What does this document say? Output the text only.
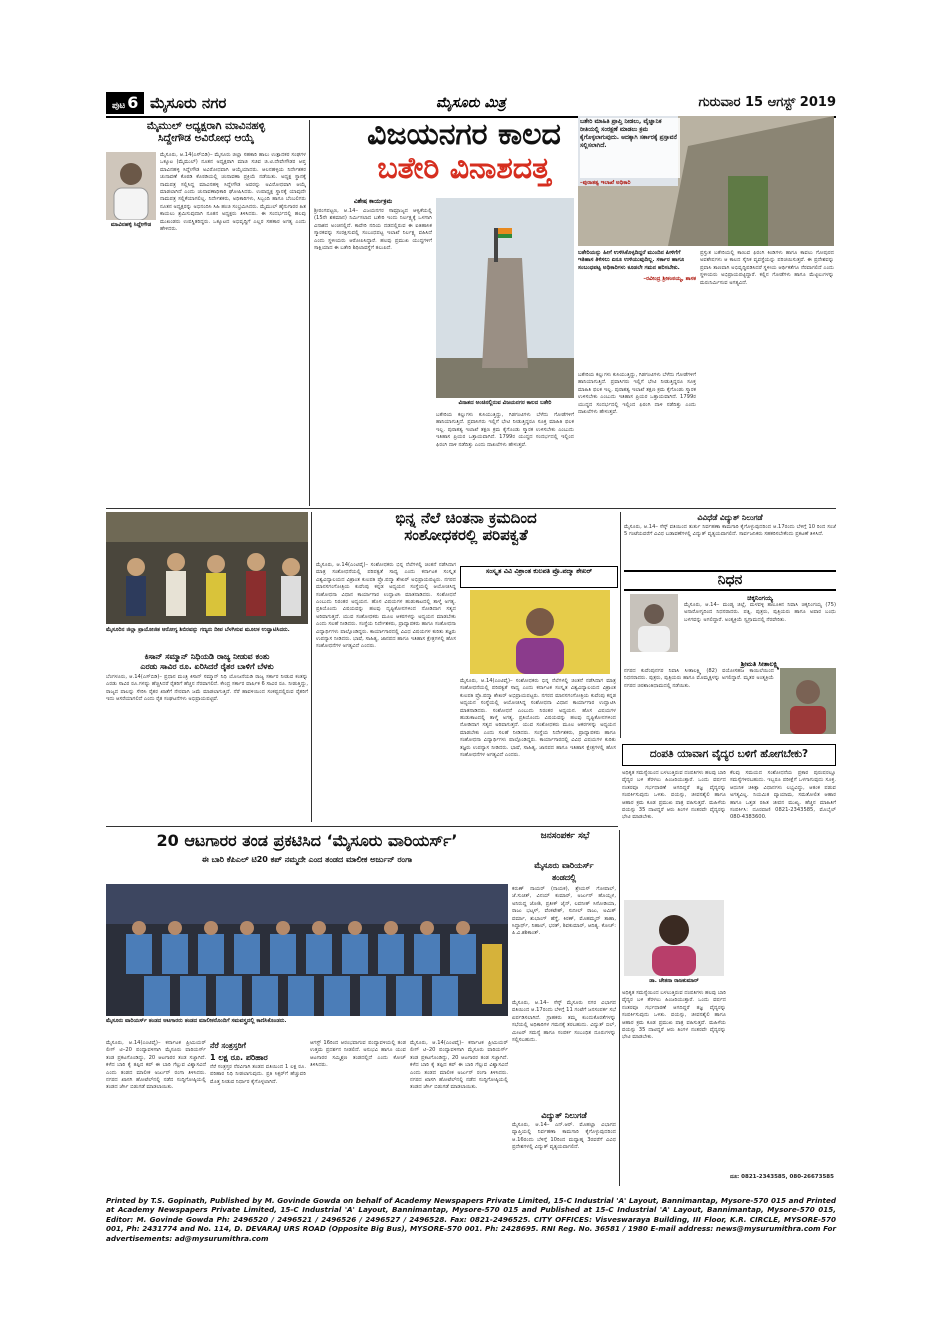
ಪುಟ 6 ಮೈಸೂರು ನಗರ	ಮೈಸೂರು ಮಿತ್ರ	ಗುರುವಾರ 15 ಆಗಸ್ಟ್ 2019
ಮೈಮುಲ್ ಅಧ್ಯಕ್ಷರಾಗಿ ಮಾವಿನಹಳ್ಳಿ
ಸಿದ್ದೇಗೌಡ ಅವಿರೋಧ ಆಯ್ಕೆ
ಮಾವಿನಹಳ್ಳಿ ಸಿದ್ದೇಗೌಡ
ಮೈಸೂರು, ಆ.14(ಎಸ್‌ಬಿಡಿ)– ಮೈಸೂರು ಜಿಲ್ಲಾ ಸಹಕಾರಿ ಹಾಲು ಉತ್ಪಾದಕರ ಸಂಘಗಳ ಒಕ್ಕೂಟ (ಮೈಮುಲ್) ನೂತನ ಅಧ್ಯಕ್ಷರಾಗಿ ಮಾಜಿ ಸಚಿವ ಜಿ.ಟಿ.ದೇವೇಗೌಡರ ಆಪ್ತ ಮಾವಿನಹಳ್ಳಿ ಸಿದ್ದೇಗೌಡ ಅವಿರೋಧವಾಗಿ ಆಯ್ಕೆಯಾದರು. ಆಲನಹಳ್ಳಿಯ ನಿರ್ದೇಶಕರ ಚುನಾವಣೆ ಕೊಠಡಿ ಕೊಠಡಿಯಲ್ಲಿ ಚುನಾವಣಾ ಪ್ರಕ್ರಿಯೆ ನಡೆಯಿತು. ಅಧ್ಯಕ್ಷ ಸ್ಥಾನಕ್ಕೆ ನಾಮಪತ್ರ ಸಲ್ಲಿಸಿದ್ದ ಮಾವಿನಹಳ್ಳಿ ಸಿದ್ದೇಗೌಡ ಅವರನ್ನು ಅವಿರೋಧವಾಗಿ ಆಯ್ಕೆ ಮಾಡಲಾಗಿದೆ ಎಂದು ಚುನಾವಣಾಧಿಕಾರಿ ಘೋಷಿಸಿದರು. ಉಪಾಧ್ಯಕ್ಷ ಸ್ಥಾನಕ್ಕೆ ಯಾವುದೇ ನಾಮಪತ್ರ ಸಲ್ಲಿಕೆಯಾಗಲಿಲ್ಲ. ನಿರ್ದೇಶಕರು, ಅಧಿಕಾರಿಗಳು, ಸಿಬ್ಬಂದಿ ಹಾಗೂ ಬೆಂಬಲಿಗರು ನೂತನ ಅಧ್ಯಕ್ಷರನ್ನು ಅಭಿನಂದಿಸಿ ಸಿಹಿ ಹಂಚಿ ಸಂಭ್ರಮಿಸಿದರು. ಮೈಮುಲ್ ಹೈನುಗಾರರ ಹಿತ ಕಾಯಲು ಶ್ರಮಿಸುವುದಾಗಿ ನೂತನ ಅಧ್ಯಕ್ಷರು ತಿಳಿಸಿದರು. ಈ ಸಂದರ್ಭದಲ್ಲಿ ಹಲವು ಮುಖಂಡರು ಉಪಸ್ಥಿತರಿದ್ದರು. ಒಕ್ಕೂಟದ ಅಭಿವೃದ್ಧಿಗೆ ಎಲ್ಲರ ಸಹಕಾರ ಅಗತ್ಯ ಎಂದು ಹೇಳಿದರು.
ವಿಜಯನಗರ ಕಾಲದ
ಬತೇರಿ ವಿನಾಶದತ್ತ
ವಿಶೇಷ ಕಾರ್ಯಕ್ರಮ
ಶ್ರೀರಂಗಪಟ್ಟಣ, ಆ.14– ವಿಜಯನಗರ ಸಾಮ್ರಾಜ್ಯದ ಆಳ್ವಿಕೆಯಲ್ಲಿ (15ನೇ ಶತಮಾನ) ನಿರ್ಮಿಸಲಾದ ಬತೇರಿ ಇಂದು ನಿರ್ಲಕ್ಷ್ಯಕ್ಕೆ ಒಳಗಾಗಿ ವಿನಾಶದ ಅಂಚಿನಲ್ಲಿದೆ. ಕಾವೇರಿ ನದಿಯ ದಡದಲ್ಲಿರುವ ಈ ಐತಿಹಾಸಿಕ ಸ್ಮಾರಕವನ್ನು ಸಂರಕ್ಷಿಸುವಲ್ಲಿ ಸಂಬಂಧಪಟ್ಟ ಇಲಾಖೆ ನಿರ್ಲಕ್ಷ್ಯ ವಹಿಸಿದೆ ಎಂದು ಸ್ಥಳೀಯರು ಆರೋಪಿಸಿದ್ದಾರೆ. ಹಲವು ಪ್ರಮುಖ ಯುದ್ಧಗಳಿಗೆ ಸಾಕ್ಷಿಯಾದ ಈ ಬತೇರಿ ಶಿಥಿಲಾವಸ್ಥೆಗೆ ತಲುಪಿದೆ.
ವಿನಾಶದ ಅಂಚಿನಲ್ಲಿರುವ ವಿಜಯನಗರ ಕಾಲದ ಬತೇರಿ
ಬತೇರಿಯ ಕಲ್ಲುಗಳು ಕುಸಿಯುತ್ತಿದ್ದು, ಗಿಡಗಂಟಿಗಳು ಬೆಳೆದು ಗೋಡೆಗಳಿಗೆ ಹಾನಿಯಾಗುತ್ತಿದೆ. ಪ್ರವಾಸಿಗರು ಇಲ್ಲಿಗೆ ಭೇಟಿ ನೀಡುತ್ತಿದ್ದರೂ ಸೂಕ್ತ ಮಾಹಿತಿ ಫಲಕ ಇಲ್ಲ. ಪುರಾತತ್ವ ಇಲಾಖೆ ತಕ್ಷಣ ಕ್ರಮ ಕೈಗೊಂಡು ಸ್ಮಾರಕ ಉಳಿಸಬೇಕು ಎಂಬುದು ಇತಿಹಾಸ ಪ್ರಿಯರ ಒತ್ತಾಯವಾಗಿದೆ. 1799ರ ಯುದ್ಧದ ಸಂದರ್ಭದಲ್ಲಿ ಇಲ್ಲಿಂದ ಫಿರಂಗಿ ದಾಳಿ ನಡೆದಿತ್ತು ಎಂದು ದಾಖಲೆಗಳು ಹೇಳುತ್ತವೆ.
ಬತೇರಿ ಮಾಹಿತಿ ಪ್ರಾಪ್ತಿ ನೀಡಲು, ವೈಜ್ಞಾನಿಕ ರೀತಿಯಲ್ಲಿ ಸಂರಕ್ಷಣೆ ಮಾಡಲು ಕ್ರಮ ಕೈಗೊಳ್ಳಲಾಗುವುದು. ಅದಕ್ಕಾಗಿ ಸರ್ಕಾರಕ್ಕೆ ಪ್ರಸ್ತಾವನೆ ಸಲ್ಲಿಸಲಾಗಿದೆ.
–ಪುರಾತತ್ವ ಇಲಾಖೆ ಅಧಿಕಾರಿ
ಬತೇರಿಯನ್ನು ಹೀಗೆ ಉಳಿಸಿಕೊಳ್ಳದಿದ್ದರೆ ಮುಂದಿನ ಪೀಳಿಗೆಗೆ ಇತಿಹಾಸ ತಿಳಿಸಲು ಏನೂ ಉಳಿಯುವುದಿಲ್ಲ. ಸರ್ಕಾರ ಹಾಗೂ ಸಂಬಂಧಪಟ್ಟ ಅಧಿಕಾರಿಗಳು ಕೂಡಲೇ ಗಮನ ಹರಿಸಬೇಕು.
–ರವೀಂದ್ರ ಶ್ರೀಕಂಠಯ್ಯ, ಶಾಸಕ
ಪ್ರಸ್ತುತ ಬತೇರಿಯಲ್ಲಿ ಕಾಣುವ ಫಿರಂಗಿ ಕಿಂಡಿಗಳು ಹಾಗೂ ಕಾವಲು ಗೋಪುರದ ಅವಶೇಷಗಳು ಆ ಕಾಲದ ಸೈನಿಕ ವ್ಯವಸ್ಥೆಯನ್ನು ಪರಿಚಯಿಸುತ್ತವೆ. ಈ ಪ್ರದೇಶವನ್ನು ಪ್ರವಾಸಿ ತಾಣವಾಗಿ ಅಭಿವೃದ್ಧಿಪಡಿಸಿದರೆ ಸ್ಥಳೀಯ ಆರ್ಥಿಕತೆಗೂ ನೆರವಾಗಲಿದೆ ಎಂದು ಸ್ಥಳೀಯರು ಅಭಿಪ್ರಾಯಪಟ್ಟಿದ್ದಾರೆ. ಕಲ್ಲಿನ ಗೋಡೆಗಳು ಹಾಗೂ ಮೆಟ್ಟಿಲುಗಳನ್ನು ಮರುನಿರ್ಮಿಸುವ ಅಗತ್ಯವಿದೆ.
ಬತೇರಿಯ ಕಲ್ಲುಗಳು ಕುಸಿಯುತ್ತಿದ್ದು, ಗಿಡಗಂಟಿಗಳು ಬೆಳೆದು ಗೋಡೆಗಳಿಗೆ ಹಾನಿಯಾಗುತ್ತಿದೆ. ಪ್ರವಾಸಿಗರು ಇಲ್ಲಿಗೆ ಭೇಟಿ ನೀಡುತ್ತಿದ್ದರೂ ಸೂಕ್ತ ಮಾಹಿತಿ ಫಲಕ ಇಲ್ಲ. ಪುರಾತತ್ವ ಇಲಾಖೆ ತಕ್ಷಣ ಕ್ರಮ ಕೈಗೊಂಡು ಸ್ಮಾರಕ ಉಳಿಸಬೇಕು ಎಂಬುದು ಇತಿಹಾಸ ಪ್ರಿಯರ ಒತ್ತಾಯವಾಗಿದೆ. 1799ರ ಯುದ್ಧದ ಸಂದರ್ಭದಲ್ಲಿ ಇಲ್ಲಿಂದ ಫಿರಂಗಿ ದಾಳಿ ನಡೆದಿತ್ತು ಎಂದು ದಾಖಲೆಗಳು ಹೇಳುತ್ತವೆ.
ಮೈಸೂರಿನ ಜಿಲ್ಲಾ ಪ್ರಾಯೋಜಿತ ಆರೋಗ್ಯ ಶಿಬಿರವನ್ನು ಗಣ್ಯರು ದೀಪ ಬೆಳಗಿಸುವ ಮೂಲಕ ಉದ್ಘಾಟಿಸಿದರು.
ಕಿಸಾನ್ ಸಮ್ಮಾನ್ ನಿಧಿಯಡಿ ರಾಜ್ಯ ನೀಡುವ ಕಂತು
ಎರಡು ಸಾವಿರ ರೂ. ಏರಿಸಿದರೆ ರೈತರ ಬಾಳಿಗೆ ಬೆಳಕು
ಬೆಂಗಳೂರು, ಆ.14(ಎಸ್‌ಬಿಡಿ)– ಪ್ರಧಾನ ಮಂತ್ರಿ ಕಿಸಾನ್ ಸಮ್ಮಾನ್ ನಿಧಿ ಯೋಜನೆಯಡಿ ರಾಜ್ಯ ಸರ್ಕಾರ ನೀಡುವ ಕಂತನ್ನು ಎರಡು ಸಾವಿರ ರೂ.ಗಳಷ್ಟು ಹೆಚ್ಚಿಸಿದರೆ ರೈತರಿಗೆ ಹೆಚ್ಚಿನ ನೆರವಾಗಲಿದೆ. ಕೇಂದ್ರ ಸರ್ಕಾರ ವಾರ್ಷಿಕ 6 ಸಾವಿರ ರೂ. ನೀಡುತ್ತಿದ್ದು, ರಾಜ್ಯದ ಪಾಲನ್ನು ಸೇರಿಸಿ ರೈತರ ಖಾತೆಗೆ ನೇರವಾಗಿ ಜಮೆ ಮಾಡಲಾಗುತ್ತಿದೆ. ನೆರೆ ಹಾವಳಿಯಿಂದ ಸಂಕಷ್ಟದಲ್ಲಿರುವ ರೈತರಿಗೆ ಇದು ಆಸರೆಯಾಗಲಿದೆ ಎಂದು ರೈತ ಸಂಘಟನೆಗಳು ಅಭಿಪ್ರಾಯಪಟ್ಟಿವೆ.
ಭಿನ್ನ ನೆಲೆ ಚಿಂತನಾ ಕ್ರಮದಿಂದ
ಸಂಶೋಧಕರಲ್ಲಿ ಪರಿಪಕ್ವತೆ
ಮೈಸೂರು, ಆ.14(ಎಂಟಿವೈ)– ಸಂಶೋಧಕರು ಭಿನ್ನ ನೆಲೆಗಳಲ್ಲಿ ಚಿಂತನೆ ನಡೆಸಿದಾಗ ಮಾತ್ರ ಸಂಶೋಧನೆಯಲ್ಲಿ ಪರಿಪಕ್ವತೆ ಸಾಧ್ಯ ಎಂದು ಕರ್ನಾಟಕ ಸಂಸ್ಕೃತ ವಿಶ್ವವಿದ್ಯಾಲಯದ ವಿಶ್ರಾಂತ ಕುಲಪತಿ ಪ್ರೊ.ಪದ್ಮಾ ಶೇಖರ್ ಅಭಿಪ್ರಾಯಪಟ್ಟರು. ನಗರದ ಮಾನಸಗಂಗೋತ್ರಿಯ ಕುವೆಂಪು ಕನ್ನಡ ಅಧ್ಯಯನ ಸಂಸ್ಥೆಯಲ್ಲಿ ಆಯೋಜಿಸಿದ್ದ ಸಂಶೋಧನಾ ವಿಧಾನ ಕಾರ್ಯಾಗಾರ ಉದ್ಘಾಟಿಸಿ ಮಾತನಾಡಿದರು. ಸಂಶೋಧನೆ ಎಂಬುದು ನಿರಂತರ ಅಧ್ಯಯನ. ಹೊಸ ವಿಷಯಗಳ ಹುಡುಕಾಟದಲ್ಲಿ ತಾಳ್ಮೆ ಅಗತ್ಯ. ಪ್ರತಿಯೊಂದು ವಿಷಯವನ್ನು ಹಲವು ದೃಷ್ಟಿಕೋನಗಳಿಂದ ನೋಡಿದಾಗ ಸತ್ಯದ ಅರಿವಾಗುತ್ತದೆ. ಯುವ ಸಂಶೋಧಕರು ಮೂಲ ಆಕರಗಳನ್ನು ಅಧ್ಯಯನ ಮಾಡಬೇಕು ಎಂದು ಸಲಹೆ ನೀಡಿದರು. ಸಂಸ್ಥೆಯ ನಿರ್ದೇಶಕರು, ಪ್ರಾಧ್ಯಾಪಕರು ಹಾಗೂ ಸಂಶೋಧನಾ ವಿದ್ಯಾರ್ಥಿಗಳು ಪಾಲ್ಗೊಂಡಿದ್ದರು. ಕಾರ್ಯಾಗಾರದಲ್ಲಿ ವಿವಿಧ ವಿಷಯಗಳ ಕುರಿತು ತಜ್ಞರು ಉಪನ್ಯಾಸ ನೀಡಿದರು. ಭಾಷೆ, ಸಾಹಿತ್ಯ, ಜಾನಪದ ಹಾಗೂ ಇತಿಹಾಸ ಕ್ಷೇತ್ರಗಳಲ್ಲಿ ಹೊಸ ಸಂಶೋಧನೆಗಳ ಅಗತ್ಯವಿದೆ ಎಂದರು.
ಸಂಸ್ಕೃತ ವಿವಿ ವಿಶ್ರಾಂತ ಕುಲಪತಿ ಪ್ರೊ.ಪದ್ಮಾ ಶೇಖರ್
ಮೈಸೂರು, ಆ.14(ಎಂಟಿವೈ)– ಸಂಶೋಧಕರು ಭಿನ್ನ ನೆಲೆಗಳಲ್ಲಿ ಚಿಂತನೆ ನಡೆಸಿದಾಗ ಮಾತ್ರ ಸಂಶೋಧನೆಯಲ್ಲಿ ಪರಿಪಕ್ವತೆ ಸಾಧ್ಯ ಎಂದು ಕರ್ನಾಟಕ ಸಂಸ್ಕೃತ ವಿಶ್ವವಿದ್ಯಾಲಯದ ವಿಶ್ರಾಂತ ಕುಲಪತಿ ಪ್ರೊ.ಪದ್ಮಾ ಶೇಖರ್ ಅಭಿಪ್ರಾಯಪಟ್ಟರು. ನಗರದ ಮಾನಸಗಂಗೋತ್ರಿಯ ಕುವೆಂಪು ಕನ್ನಡ ಅಧ್ಯಯನ ಸಂಸ್ಥೆಯಲ್ಲಿ ಆಯೋಜಿಸಿದ್ದ ಸಂಶೋಧನಾ ವಿಧಾನ ಕಾರ್ಯಾಗಾರ ಉದ್ಘಾಟಿಸಿ ಮಾತನಾಡಿದರು. ಸಂಶೋಧನೆ ಎಂಬುದು ನಿರಂತರ ಅಧ್ಯಯನ. ಹೊಸ ವಿಷಯಗಳ ಹುಡುಕಾಟದಲ್ಲಿ ತಾಳ್ಮೆ ಅಗತ್ಯ. ಪ್ರತಿಯೊಂದು ವಿಷಯವನ್ನು ಹಲವು ದೃಷ್ಟಿಕೋನಗಳಿಂದ ನೋಡಿದಾಗ ಸತ್ಯದ ಅರಿವಾಗುತ್ತದೆ. ಯುವ ಸಂಶೋಧಕರು ಮೂಲ ಆಕರಗಳನ್ನು ಅಧ್ಯಯನ ಮಾಡಬೇಕು ಎಂದು ಸಲಹೆ ನೀಡಿದರು. ಸಂಸ್ಥೆಯ ನಿರ್ದೇಶಕರು, ಪ್ರಾಧ್ಯಾಪಕರು ಹಾಗೂ ಸಂಶೋಧನಾ ವಿದ್ಯಾರ್ಥಿಗಳು ಪಾಲ್ಗೊಂಡಿದ್ದರು. ಕಾರ್ಯಾಗಾರದಲ್ಲಿ ವಿವಿಧ ವಿಷಯಗಳ ಕುರಿತು ತಜ್ಞರು ಉಪನ್ಯಾಸ ನೀಡಿದರು. ಭಾಷೆ, ಸಾಹಿತ್ಯ, ಜಾನಪದ ಹಾಗೂ ಇತಿಹಾಸ ಕ್ಷೇತ್ರಗಳಲ್ಲಿ ಹೊಸ ಸಂಶೋಧನೆಗಳ ಅಗತ್ಯವಿದೆ ಎಂದರು.
ವಿವಿಧೆಡೆ ವಿದ್ಯುತ್ ನಿಲುಗಡೆ
ಮೈಸೂರು, ಆ.14– ಸೆಸ್ಕ್ ವತಿಯಿಂದ ತುರ್ತು ನಿರ್ವಹಣಾ ಕಾಮಗಾರಿ ಕೈಗೊಳ್ಳುವುದರಿಂದ ಆ.17ರಂದು ಬೆಳಿಗ್ಗೆ 10 ರಿಂದ ಸಂಜೆ 5 ಗಂಟೆಯವರೆಗೆ ವಿವಿಧ ಬಡಾವಣೆಗಳಲ್ಲಿ ವಿದ್ಯುತ್ ವ್ಯತ್ಯಯವಾಗಲಿದೆ. ಸಾರ್ವಜನಿಕರು ಸಹಕರಿಸಬೇಕೆಂದು ಪ್ರಕಟಣೆ ತಿಳಿಸಿದೆ.
ನಿಧನ
ಚಿಕ್ಕನಿಂಗಯ್ಯ
ಮೈಸೂರು, ಆ.14– ಮಂಡ್ಯ ಜಿಲ್ಲೆ, ಮಳವಳ್ಳಿ ತಾಲೂಕಿನ ನಿವಾಸಿ ಚಿಕ್ಕನಿಂಗಯ್ಯ (75) ಅನಾರೋಗ್ಯದಿಂದ ನಿಧನರಾದರು. ಪತ್ನಿ, ಪುತ್ರರು, ಪುತ್ರಿಯರು ಹಾಗೂ ಅಪಾರ ಬಂಧು ಬಳಗವನ್ನು ಅಗಲಿದ್ದಾರೆ. ಅಂತ್ಯಕ್ರಿಯೆ ಸ್ವಗ್ರಾಮದಲ್ಲಿ ನೆರವೇರಿತು.
ಶ್ರೀಮತಿ ಸೀತಾಲಕ್ಷ್ಮಿ
ನಗರದ ಕುವೆಂಪುನಗರ ನಿವಾಸಿ ಸೀತಾಲಕ್ಷ್ಮಿ (82) ವಯೋಸಹಜ ಕಾಯಿಲೆಯಿಂದ ನಿಧನರಾದರು. ಪುತ್ರರು, ಪುತ್ರಿಯರು ಹಾಗೂ ಮೊಮ್ಮಕ್ಕಳನ್ನು ಅಗಲಿದ್ದಾರೆ. ಮೃತರ ಅಂತ್ಯಕ್ರಿಯೆ ನಗರದ ಚಿರಶಾಂತಿಧಾಮದಲ್ಲಿ ನಡೆಯಿತು.
ದಂಪತಿ ಯಾವಾಗ ವೈದ್ಯರ ಬಳಿಗೆ ಹೋಗಬೇಕು?
ಅಧಿಕೃತ ಸಮಸ್ಯೆಯಿಂದ ಬಳಲುತ್ತಿರುವ ದಂಪತಿಗಳು ಹಲವು ಬಾರಿ ವೈದ್ಯರ ಬಳಿ ತೆರಳಲು ಹಿಂಜರಿಯುತ್ತಾರೆ. ಒಂದು ವರ್ಷದ ನಂತರವೂ ಗರ್ಭಧಾರಣೆ ಆಗದಿದ್ದರೆ ತಜ್ಞ ವೈದ್ಯರನ್ನು ಸಂಪರ್ಕಿಸುವುದು ಒಳಿತು. ವಯಸ್ಸು, ಜೀವನಶೈಲಿ ಹಾಗೂ ಆಹಾರ ಕ್ರಮ ಕೂಡ ಪ್ರಮುಖ ಪಾತ್ರ ವಹಿಸುತ್ತವೆ. ಮಹಿಳೆಯ ವಯಸ್ಸು 35 ದಾಟಿದ್ದರೆ ಆರು ತಿಂಗಳ ನಂತರವೇ ವೈದ್ಯರನ್ನು ಭೇಟಿ ಮಾಡಬೇಕು.
ಡಾ. ಚೇತನಾ ರಾಜಕುಮಾರ್
ಅಧಿಕೃತ ಸಮಸ್ಯೆಯಿಂದ ಬಳಲುತ್ತಿರುವ ದಂಪತಿಗಳು ಹಲವು ಬಾರಿ ವೈದ್ಯರ ಬಳಿ ತೆರಳಲು ಹಿಂಜರಿಯುತ್ತಾರೆ. ಒಂದು ವರ್ಷದ ನಂತರವೂ ಗರ್ಭಧಾರಣೆ ಆಗದಿದ್ದರೆ ತಜ್ಞ ವೈದ್ಯರನ್ನು ಸಂಪರ್ಕಿಸುವುದು ಒಳಿತು. ವಯಸ್ಸು, ಜೀವನಶೈಲಿ ಹಾಗೂ ಆಹಾರ ಕ್ರಮ ಕೂಡ ಪ್ರಮುಖ ಪಾತ್ರ ವಹಿಸುತ್ತವೆ. ಮಹಿಳೆಯ ವಯಸ್ಸು 35 ದಾಟಿದ್ದರೆ ಆರು ತಿಂಗಳ ನಂತರವೇ ವೈದ್ಯರನ್ನು ಭೇಟಿ ಮಾಡಬೇಕು.
ಕೆಲವು ಸಮಯದ ಸಂಶೋಧನೆಯ ಪ್ರಕಾರ ಪುರುಷರಲ್ಲೂ ಸಮಸ್ಯೆಗಳಿರಬಹುದು. ಇಬ್ಬರೂ ಪರೀಕ್ಷೆಗೆ ಒಳಗಾಗುವುದು ಸೂಕ್ತ. ಆಧುನಿಕ ಚಿಕಿತ್ಸಾ ವಿಧಾನಗಳು ಲಭ್ಯವಿದ್ದು, ಆತಂಕ ಪಡುವ ಅಗತ್ಯವಿಲ್ಲ. ನಿಯಮಿತ ವ್ಯಾಯಾಮ, ಸಮತೋಲಿತ ಆಹಾರ ಹಾಗೂ ಒತ್ತಡ ರಹಿತ ಜೀವನ ಮುಖ್ಯ. ಹೆಚ್ಚಿನ ಮಾಹಿತಿಗೆ ಸಂಪರ್ಕಿಸಿ: ದೂರವಾಣಿ 0821-2343585, ಮೊಬೈಲ್ 080-4383600.
ದೂ: 0821-2343585, 080-26673585
20 ಆಟಗಾರರ ತಂಡ ಪ್ರಕಟಿಸಿದ ‘ಮೈಸೂರು ವಾರಿಯರ್ಸ್’
ಈ ಬಾರಿ ಕೆಪಿಎಲ್ ಟಿ20 ಕಪ್ ನಮ್ಮದೇ ಎಂದ ತಂಡದ ಮಾಲೀಕ ಅರ್ಜುನ್ ರಂಗಾ
ಮೈಸೂರು ವಾರಿಯರ್ಸ್ ತಂಡದ ಆಟಗಾರರು ತಂಡದ ಮಾಲೀಕರೊಂದಿಗೆ ಸಮವಸ್ತ್ರದಲ್ಲಿ ಕಾಣಿಸಿಕೊಂಡರು.
ಮೈಸೂರು, ಆ.14(ಎಂಟಿವೈ)– ಕರ್ನಾಟಕ ಪ್ರೀಮಿಯರ್ ಲೀಗ್ ಟಿ–20 ಪಂದ್ಯಾವಳಿಗಾಗಿ ಮೈಸೂರು ವಾರಿಯರ್ಸ್ ತಂಡ ಪ್ರಕಟಗೊಂಡಿದ್ದು, 20 ಆಟಗಾರರ ತಂಡ ಸಜ್ಜಾಗಿದೆ. ಕಳೆದ ಬಾರಿ ಕೈ ತಪ್ಪಿದ ಕಪ್ ಈ ಬಾರಿ ಗೆಲ್ಲುವ ವಿಶ್ವಾಸವಿದೆ ಎಂದು ತಂಡದ ಮಾಲೀಕ ಅರ್ಜುನ್ ರಂಗಾ ತಿಳಿಸಿದರು. ನಗರದ ಖಾಸಗಿ ಹೋಟೆಲ್‌ನಲ್ಲಿ ನಡೆದ ಸುದ್ದಿಗೋಷ್ಠಿಯಲ್ಲಿ ತಂಡದ ಜೆರ್ಸಿ ಬಿಡುಗಡೆ ಮಾಡಲಾಯಿತು.
ನೆರೆ ಸಂತ್ರಸ್ತರಿಗೆ
1 ಲಕ್ಷ ರೂ. ಪರಿಹಾರ
ನೆರೆ ಸಂತ್ರಸ್ತರ ನೆರವಿಗಾಗಿ ತಂಡದ ವತಿಯಿಂದ 1 ಲಕ್ಷ ರೂ. ಪರಿಹಾರ ನಿಧಿ ನೀಡಲಾಗುವುದು. ಪ್ರತಿ ಸಿಕ್ಸರ್‌ಗೆ ಹೆಚ್ಚುವರಿ ಮೊತ್ತ ನೀಡುವ ನಿರ್ಧಾರ ಕೈಗೊಳ್ಳಲಾಗಿದೆ.
ಆಗಸ್ಟ್ 16ರಿಂದ ಆರಂಭವಾಗುವ ಪಂದ್ಯಾವಳಿಯಲ್ಲಿ ತಂಡ ಉತ್ತಮ ಪ್ರದರ್ಶನ ನೀಡಲಿದೆ. ಅನುಭವಿ ಹಾಗೂ ಯುವ ಆಟಗಾರರ ಸಮ್ಮಿಶ್ರಣ ತಂಡದಲ್ಲಿದೆ ಎಂದು ಕೋಚ್ ತಿಳಿಸಿದರು.
ಮೈಸೂರು, ಆ.14(ಎಂಟಿವೈ)– ಕರ್ನಾಟಕ ಪ್ರೀಮಿಯರ್ ಲೀಗ್ ಟಿ–20 ಪಂದ್ಯಾವಳಿಗಾಗಿ ಮೈಸೂರು ವಾರಿಯರ್ಸ್ ತಂಡ ಪ್ರಕಟಗೊಂಡಿದ್ದು, 20 ಆಟಗಾರರ ತಂಡ ಸಜ್ಜಾಗಿದೆ. ಕಳೆದ ಬಾರಿ ಕೈ ತಪ್ಪಿದ ಕಪ್ ಈ ಬಾರಿ ಗೆಲ್ಲುವ ವಿಶ್ವಾಸವಿದೆ ಎಂದು ತಂಡದ ಮಾಲೀಕ ಅರ್ಜುನ್ ರಂಗಾ ತಿಳಿಸಿದರು. ನಗರದ ಖಾಸಗಿ ಹೋಟೆಲ್‌ನಲ್ಲಿ ನಡೆದ ಸುದ್ದಿಗೋಷ್ಠಿಯಲ್ಲಿ ತಂಡದ ಜೆರ್ಸಿ ಬಿಡುಗಡೆ ಮಾಡಲಾಯಿತು.
ಮೈಸೂರು ವಾರಿಯರ್ಸ್
ತಂಡದಲ್ಲಿ
ಕರುಣ್ ನಾಯರ್ (ನಾಯಕ), ಶ್ರೇಯಸ್ ಗೋಪಾಲ್, ಜೆ.ಸುಚಿತ್, ವಿನಯ್ ಕುಮಾರ್, ಅರ್ಜುನ್ ಹೊಯ್ಸಳ, ಅನಿರುದ್ಧ ಜೋಶಿ, ಪ್ರತೀಕ್ ಜೈನ್, ಲವನೀತ್ ಸಿಸೋಡಿಯಾ, ರಾಜು ಭಟ್ಕಳ್, ವೆಂಕಟೇಶ್, ಸುನೀಲ್ ರಾಜು, ಅಮಿತ್ ವರ್ಮಾ, ಶುಭಾಂಗ್ ಹೆಗ್ಡೆ, ಕಿರಣ್, ಮೊಹಮ್ಮದ್ ತಾಹಾ, ಸಿದ್ಧಾರ್ಥ್, ನಿಹಾಲ್, ಭರತ್, ಶಿವಕುಮಾರ್, ಆದಿತ್ಯ. ಕೋಚ್: ಪಿ.ವಿ.ಶಶಿಕಾಂತ್.
ಜನಸಂಪರ್ಕ ಸಭೆ
Printed by T.S. Gopinath, Published by M. Govinde Gowda on behalf of Academy Newspapers Private Limited, 15-C Industrial 'A' Layout, Bannimantap, Mysore-570 015 and Printed at Academy Newspapers Private Limited, 15-C Industrial 'A' Layout, Bannimantap, Mysore-570 015 and Published at 15-C Industrial 'A' Layout, Bannimantap, Mysore-570 015, Editor: M. Govinde Gowda Ph: 2496520 / 2496521 / 2496526 / 2496527 / 2496528. Fax: 0821-2496525. CITY OFFICES: Visveswaraya Building, III Floor, K.R. CIRCLE, MYSORE-570 001, Ph: 2431774 and No. 114, D. DEVARAJ URS ROAD (Opposite Big Bus), MYSORE-570 001. Ph: 2428695. RNI Reg. No. 36581 / 1980 E-mail address: news@mysurumithra.com For advertisements: ad@mysurumithra.com
ವಿದ್ಯುತ್ ನಿಲುಗಡೆ
ಮೈಸೂರು, ಆ.14– ಎನ್.ಆರ್. ಮೊಹಲ್ಲಾ ವಿಭಾಗದ ವ್ಯಾಪ್ತಿಯಲ್ಲಿ ನಿರ್ವಹಣಾ ಕಾಮಗಾರಿ ಕೈಗೊಳ್ಳುವುದರಿಂದ ಆ.16ರಂದು ಬೆಳಿಗ್ಗೆ 10ರಿಂದ ಮಧ್ಯಾಹ್ನ 3ರವರೆಗೆ ವಿವಿಧ ಪ್ರದೇಶಗಳಲ್ಲಿ ವಿದ್ಯುತ್ ವ್ಯತ್ಯಯವಾಗಲಿದೆ.
ಮೈಸೂರು, ಆ.14– ಸೆಸ್ಕ್ ಮೈಸೂರು ನಗರ ವಿಭಾಗದ ವತಿಯಿಂದ ಆ.17ರಂದು ಬೆಳಿಗ್ಗೆ 11 ಗಂಟೆಗೆ ಜನಸಂಪರ್ಕ ಸಭೆ ಏರ್ಪಡಿಸಲಾಗಿದೆ. ಗ್ರಾಹಕರು ತಮ್ಮ ಕುಂದುಕೊರತೆಗಳನ್ನು ಸಭೆಯಲ್ಲಿ ಅಧಿಕಾರಿಗಳ ಗಮನಕ್ಕೆ ತರಬಹುದು. ವಿದ್ಯುತ್ ಬಿಲ್, ಮೀಟರ್ ಸಮಸ್ಯೆ ಹಾಗೂ ಸಂಪರ್ಕ ಸಂಬಂಧಿತ ದೂರುಗಳನ್ನು ಸಲ್ಲಿಸಬಹುದು.
